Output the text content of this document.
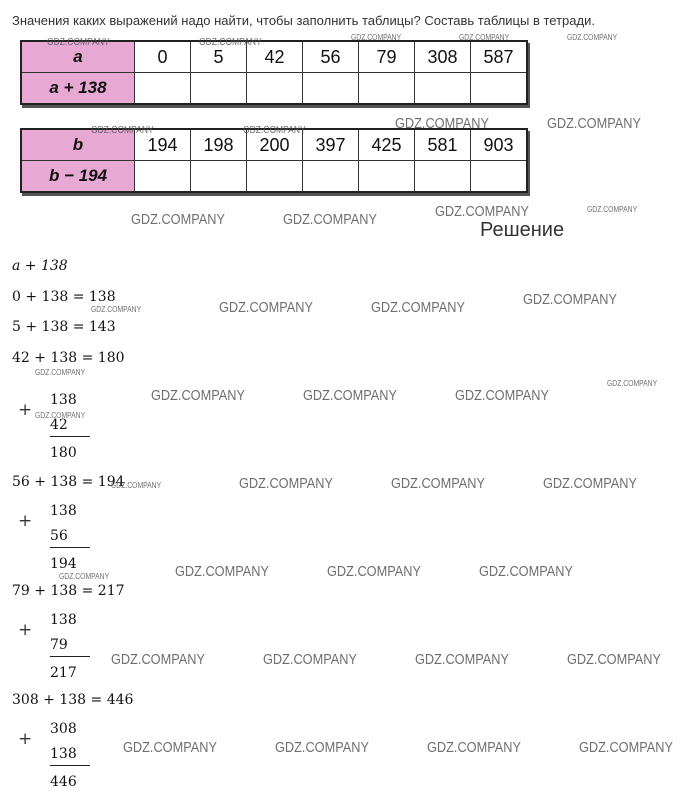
Значения каких выражений надо найти, чтобы заполнить таблицы? Составь таблицы в тетради.
a	0	5	42	56	79	308	587
a + 138							
b	194	198	200	397	425	581	903
b − 194							
Решение
a + 138
0 + 138 = 138
5 + 138 = 143
42 + 138 = 180
+ 138
42
180
56 + 138 = 194
+ 138
56
194
79 + 138 = 217
+ 138
79
217
308 + 138 = 446
+ 308
138
446
GDZ.COMPANY	GDZ.COMPANY	GDZ.COMPANY	GDZ.COMPANY	GDZ.COMPANY
GDZ.COMPANY	GDZ.COMPANY	GDZ.COMPANY	GDZ.COMPANY
GDZ.COMPANY	GDZ.COMPANY	GDZ.COMPANY	GDZ.COMPANY
GDZ.COMPANY	GDZ.COMPANY	GDZ.COMPANY	GDZ.COMPANY
GDZ.COMPANY
GDZ.COMPANY
GDZ.COMPANY	GDZ.COMPANY	GDZ.COMPANY
GDZ.COMPANY
GDZ.COMPANY	GDZ.COMPANY	GDZ.COMPANY	GDZ.COMPANY
GDZ.COMPANY	GDZ.COMPANY	GDZ.COMPANY
GDZ.COMPANY
GDZ.COMPANY	GDZ.COMPANY	GDZ.COMPANY	GDZ.COMPANY
GDZ.COMPANY	GDZ.COMPANY	GDZ.COMPANY	GDZ.COMPANY
